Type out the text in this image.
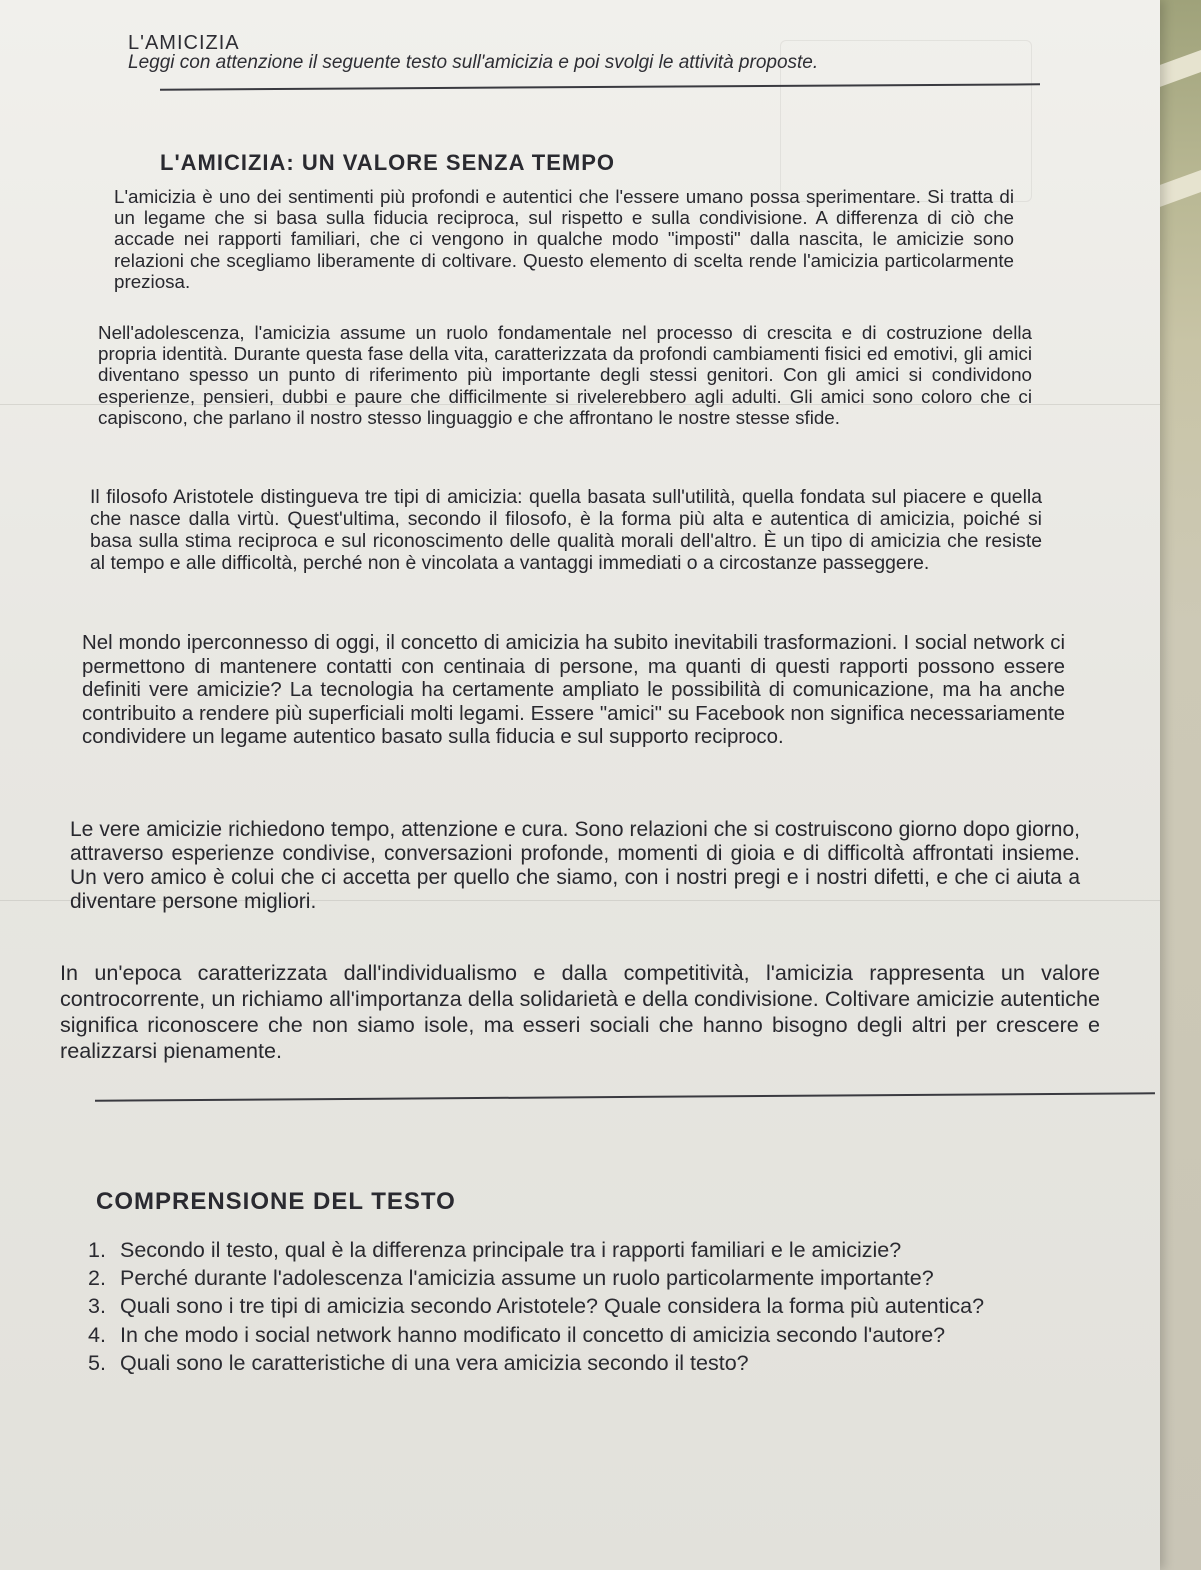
L'AMICIZIA
Leggi con attenzione il seguente testo sull'amicizia e poi svolgi le attività proposte.
L'AMICIZIA: UN VALORE SENZA TEMPO

L'amicizia è uno dei sentimenti più profondi e autentici che l'essere umano possa sperimentare. Si tratta di un legame che si basa sulla fiducia reciproca, sul rispetto e sulla condivisione. A differenza di ciò che accade nei rapporti familiari, che ci vengono in qualche modo "imposti" dalla nascita, le amicizie sono relazioni che scegliamo liberamente di coltivare. Questo elemento di scelta rende l'amicizia particolarmente preziosa.

Nell'adolescenza, l'amicizia assume un ruolo fondamentale nel processo di crescita e di costruzione della propria identità. Durante questa fase della vita, caratterizzata da profondi cambiamenti fisici ed emotivi, gli amici diventano spesso un punto di riferimento più importante degli stessi genitori. Con gli amici si condividono esperienze, pensieri, dubbi e paure che difficilmente si rivelerebbero agli adulti. Gli amici sono coloro che ci capiscono, che parlano il nostro stesso linguaggio e che affrontano le nostre stesse sfide.

Il filosofo Aristotele distingueva tre tipi di amicizia: quella basata sull'utilità, quella fondata sul piacere e quella che nasce dalla virtù. Quest'ultima, secondo il filosofo, è la forma più alta e autentica di amicizia, poiché si basa sulla stima reciproca e sul riconoscimento delle qualità morali dell'altro. È un tipo di amicizia che resiste al tempo e alle difficoltà, perché non è vincolata a vantaggi immediati o a circostanze passeggere.

Nel mondo iperconnesso di oggi, il concetto di amicizia ha subito inevitabili trasformazioni. I social network ci permettono di mantenere contatti con centinaia di persone, ma quanti di questi rapporti possono essere definiti vere amicizie? La tecnologia ha certamente ampliato le possibilità di comunicazione, ma ha anche contribuito a rendere più superficiali molti legami. Essere "amici" su Facebook non significa necessariamente condividere un legame autentico basato sulla fiducia e sul supporto reciproco.

Le vere amicizie richiedono tempo, attenzione e cura. Sono relazioni che si costruiscono giorno dopo giorno, attraverso esperienze condivise, conversazioni profonde, momenti di gioia e di difficoltà affrontati insieme. Un vero amico è colui che ci accetta per quello che siamo, con i nostri pregi e i nostri difetti, e che ci aiuta a diventare persone migliori.

In un'epoca caratterizzata dall'individualismo e dalla competitività, l'amicizia rappresenta un valore controcorrente, un richiamo all'importanza della solidarietà e della condivisione. Coltivare amicizie autentiche significa riconoscere che non siamo isole, ma esseri sociali che hanno bisogno degli altri per crescere e realizzarsi pienamente.

COMPRENSIONE DEL TESTO
1. Secondo il testo, qual è la differenza principale tra i rapporti familiari e le amicizie?
2. Perché durante l'adolescenza l'amicizia assume un ruolo particolarmente importante?
3. Quali sono i tre tipi di amicizia secondo Aristotele? Quale considera la forma più autentica?
4. In che modo i social network hanno modificato il concetto di amicizia secondo l'autore?
5. Quali sono le caratteristiche di una vera amicizia secondo il testo?
